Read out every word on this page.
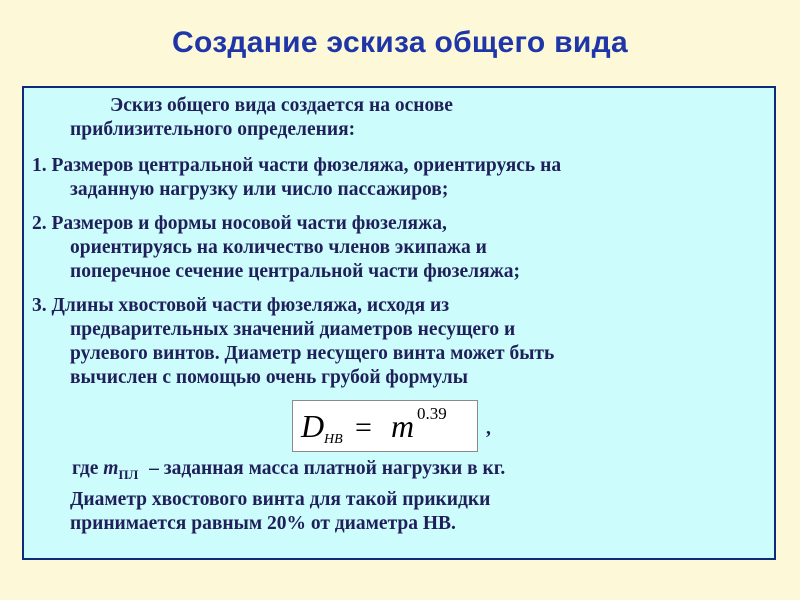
Создание эскиза общего вида
Эскиз общего вида создается на основе
приблизительного определения:
1. Размеров центральной части фюзеляжа, ориентируясь на
заданную нагрузку или число пассажиров;
2. Размеров и формы носовой части фюзеляжа,
ориентируясь на количество членов экипажа и
поперечное сечение центральной части фюзеляжа;
3. Длины хвостовой части фюзеляжа, исходя из
предварительных значений диаметров несущего и
рулевого винтов. Диаметр несущего винта может быть
вычислен с помощью очень грубой формулы
D НВ = m 0.39
,
где $m_{ПЛ}$ – заданная масса платной нагрузки в кг.
Диаметр хвостового винта для такой прикидки
принимается равным 20% от диаметра НВ.
